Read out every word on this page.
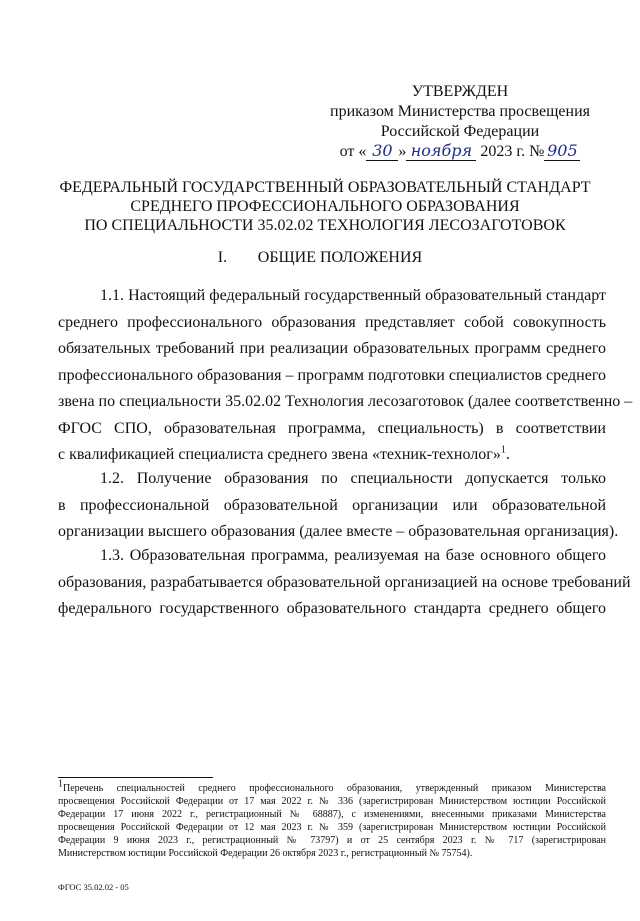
УТВЕРЖДЕН
приказом Министерства просвещения
Российской Федерации
от « 30 » ноября 2023 г. № 905
ФЕДЕРАЛЬНЫЙ ГОСУДАРСТВЕННЫЙ ОБРАЗОВАТЕЛЬНЫЙ СТАНДАРТ
СРЕДНЕГО ПРОФЕССИОНАЛЬНОГО ОБРАЗОВАНИЯ
ПО СПЕЦИАЛЬНОСТИ 35.02.02 ТЕХНОЛОГИЯ ЛЕСОЗАГОТОВОК
I. ОБЩИЕ ПОЛОЖЕНИЯ
1.1. Настоящий федеральный государственный образовательный стандарт
среднего профессионального образования представляет собой совокупность
обязательных требований при реализации образовательных программ среднего
профессионального образования – программ подготовки специалистов среднего
звена по специальности 35.02.02 Технология лесозаготовок (далее соответственно –
ФГОС СПО, образовательная программа, специальность) в соответствии
с квалификацией специалиста среднего звена «техник-технолог»$^1$.
1.2. Получение образования по специальности допускается только
в профессиональной образовательной организации или образовательной
организации высшего образования (далее вместе – образовательная организация).
1.3. Образовательная программа, реализуемая на базе основного общего
образования, разрабатывается образовательной организацией на основе требований
федерального государственного образовательного стандарта среднего общего
$^1$Перечень специальностей среднего профессионального образования, утвержденный приказом Министерства
просвещения Российской Федерации от 17 мая 2022 г. № 336 (зарегистрирован Министерством юстиции Российской
Федерации 17 июня 2022 г., регистрационный № 68887), с изменениями, внесенными приказами Министерства
просвещения Российской Федерации от 12 мая 2023 г. № 359 (зарегистрирован Министерством юстиции Российской
Федерации 9 июня 2023 г., регистрационный № 73797) и от 25 сентября 2023 г. № 717 (зарегистрирован
Министерством юстиции Российской Федерации 26 октября 2023 г., регистрационный № 75754).
ФГОС 35.02.02 - 05
